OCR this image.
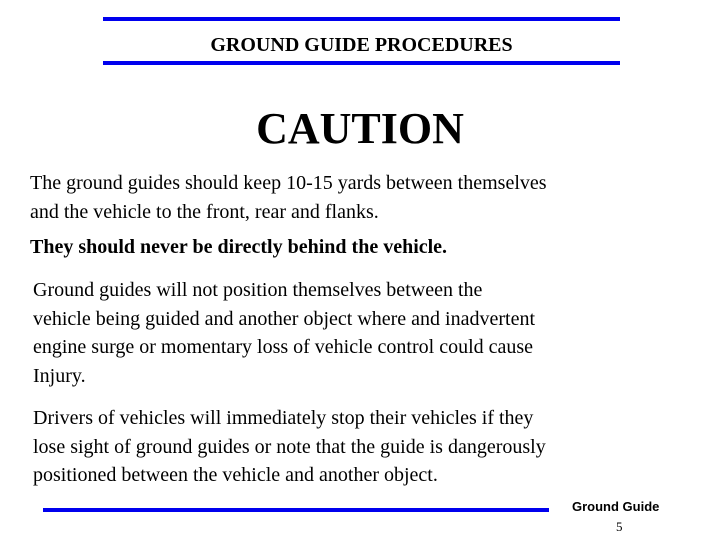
GROUND GUIDE PROCEDURES
CAUTION
The ground guides should keep 10-15 yards between themselves
and the vehicle to the front, rear and flanks.
They should never be directly behind the vehicle.
Ground guides will not position themselves between the
vehicle being guided and another object where and inadvertent
engine surge or momentary loss of vehicle control could cause
Injury.
Drivers of vehicles will immediately stop their vehicles if they
lose sight of ground guides or note that the guide is dangerously
positioned between the vehicle and another object.
Ground Guide
5
